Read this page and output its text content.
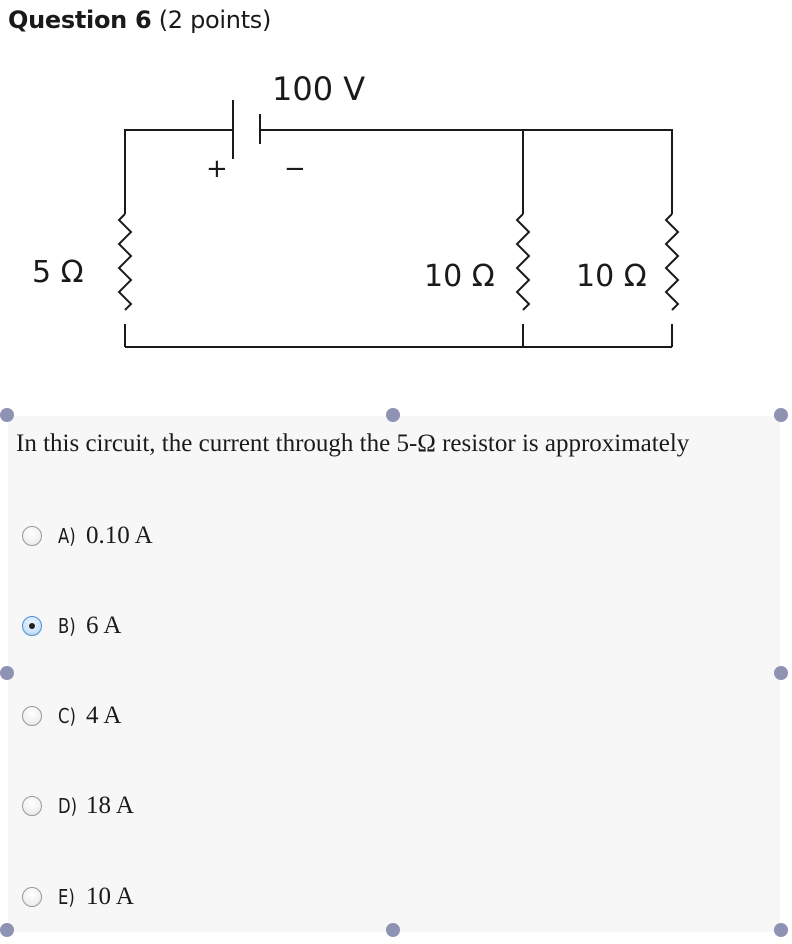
Question 6 (2 points)
100 V
+ −
5 Ω	10 Ω	10 Ω
In this circuit, the current through the 5-Ω resistor is approximately
A) 0.10 A
B) 6 A
C) 4 A
D) 18 A
E) 10 A
